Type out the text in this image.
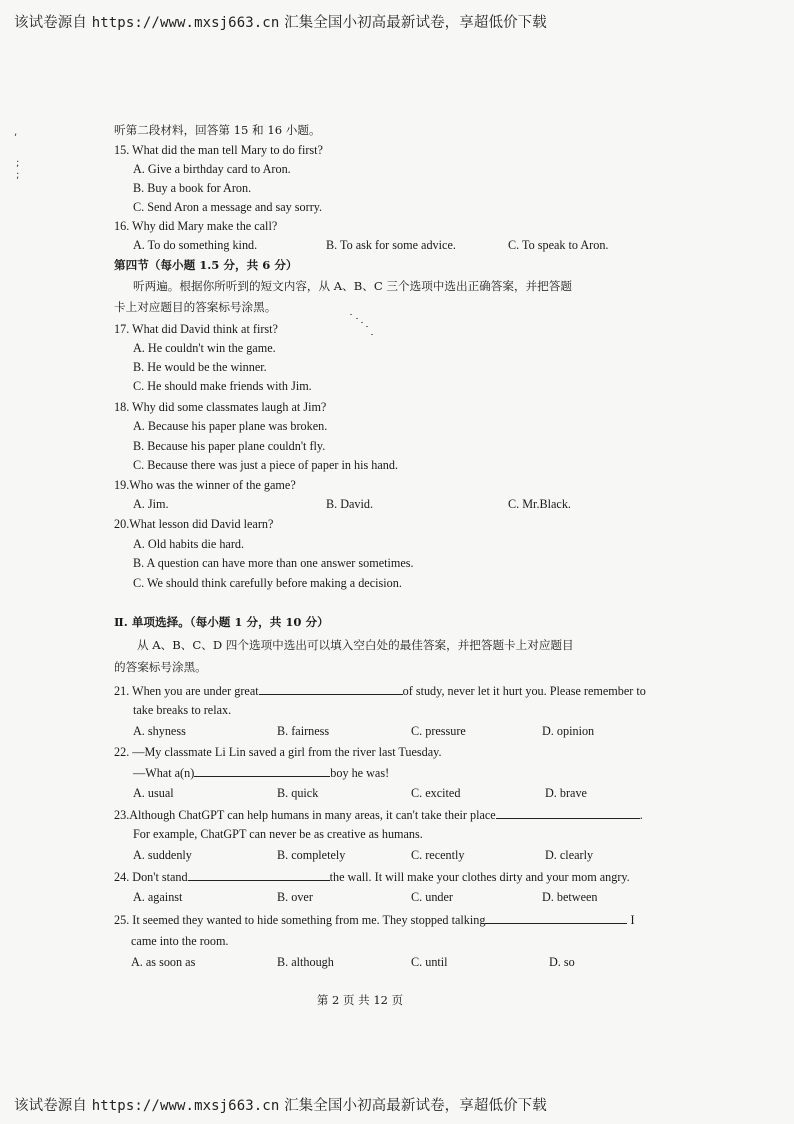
该试卷源自 https://www.mxsj663.cn 汇集全国小初高最新试卷，享超低价下载
,
;
;
听第二段材料，回答第 15 和 16 小题。
15. What did the man tell Mary to do first?
A. Give a birthday card to Aron.
B. Buy a book for Aron.
C. Send Aron a message and say sorry.
16. Why did Mary make the call?
A. To do something kind.	B. To ask for some advice.	C. To speak to Aron.
第四节（每小题 1.5 分，共 6 分）
听两遍。根据你所听到的短文内容，从 A、B、C 三个选项中选出正确答案，并把答题
卡上对应题目的答案标号涂黑。
17. What did David think at first?
A. He couldn't win the game.
B. He would be the winner.
C. He should make friends with Jim.
18. Why did some classmates laugh at Jim?
A. Because his paper plane was broken.
B. Because his paper plane couldn't fly.
C. Because there was just a piece of paper in his hand.
19.Who was the winner of the game?
A. Jim.	B. David.	C. Mr.Black.
20.What lesson did David learn?
A. Old habits die hard.
B. A question can have more than one answer sometimes.
C. We should think carefully before making a decision.
Ⅱ. 单项选择。（每小题 1 分，共 10 分）
从 A、B、C、D 四个选项中选出可以填入空白处的最佳答案，并把答题卡上对应题目
的答案标号涂黑。
21. When you are under great	of study, never let it hurt you. Please remember to
take breaks to relax.
A. shyness	B. fairness	C. pressure	D. opinion
22. —My classmate Li Lin saved a girl from the river last Tuesday.
—What a(n)	boy he was!
A. usual	B. quick	C. excited	D. brave
23.Although ChatGPT can help humans in many areas, it can't take their place	.
For example, ChatGPT can never be as creative as humans.
A. suddenly	B. completely	C. recently	D. clearly
24. Don't stand	the wall. It will make your clothes dirty and your mom angry.
A. against	B. over	C. under	D. between
25. It seemed they wanted to hide something from me. They stopped talking	I
came into the room.
A. as soon as	B. although	C. until	D. so
第 2 页 共 12 页
该试卷源自 https://www.mxsj663.cn 汇集全国小初高最新试卷，享超低价下载
